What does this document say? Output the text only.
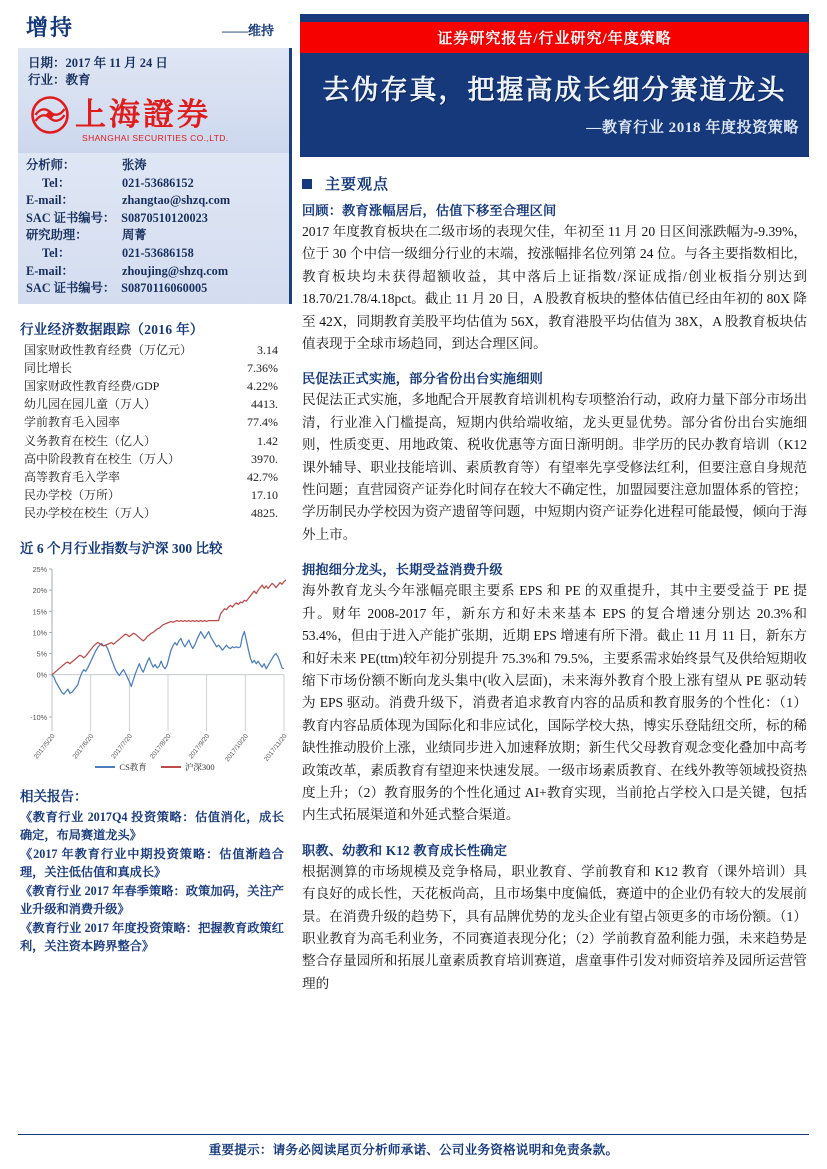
增持	——维持
日期：2017 年 11 月 24 日
行业：教育
上海證券
SHANGHAI SECURITIES CO.,LTD.
分析师：	张涛
Tel：	021-53686152
E-mail：	zhangtao@shzq.com
SAC 证书编号： S0870510120023
研究助理：	周菁
Tel：	021-53686158
E-mail：	zhoujing@shzq.com
SAC 证书编号： S0870116060005
行业经济数据跟踪（2016 年）
国家财政性教育经费（万亿元）	3.14
同比增长	7.36%
国家财政性教育经费/GDP	4.22%
幼儿园在园儿童（万人）	4413.
学前教育毛入园率	77.4%
义务教育在校生（亿人）	1.42
高中阶段教育在校生（万人）	3970.
高等教育毛入学率	42.7%
民办学校（万所）	17.10
民办学校在校生（万人）	4825.
近 6 个月行业指数与沪深 300 比较
25%
20%
15%
10%
5%
0%
-10%
2017/5/20 2017/6/20 2017/7/20 2017/8/20 2017/9/20 2017/10/20 2017/11/20
CS教育	沪深300
相关报告：
《教育行业 2017Q4 投资策略：估值消化，成长确定，布局赛道龙头》
《2017 年教育行业中期投资策略：估值渐趋合理，关注低估值和真成长》
《教育行业 2017 年春季策略：政策加码，关注产业升级和消费升级》
《教育行业 2017 年度投资策略：把握教育政策红利，关注资本跨界整合》
证券研究报告/行业研究/年度策略
去伪存真，把握高成长细分赛道龙头
—教育行业 2018 年度投资策略
主要观点
回顾：教育涨幅居后，估值下移至合理区间
2017 年度教育板块在二级市场的表现欠佳，年初至 11 月 20 日区间涨跌幅为-9.39%，位于 30 个中信一级细分行业的末端，按涨幅排名位列第 24 位。与各主要指数相比，教育板块均未获得超额收益，其中落后上证指数/深证成指/创业板指分别达到 18.70/21.78/4.18pct。截止 11 月 20 日，A 股教育板块的整体估值已经由年初的 80X 降至 42X，同期教育美股平均估值为 56X，教育港股平均估值为 38X，A 股教育板块估值表现于全球市场趋同，到达合理区间。
民促法正式实施，部分省份出台实施细则
民促法正式实施，多地配合开展教育培训机构专项整治行动，政府力量下部分市场出清，行业准入门槛提高，短期内供给端收缩，龙头更显优势。部分省份出台实施细则，性质变更、用地政策、税收优惠等方面日渐明朗。非学历的民办教育培训（K12 课外辅导、职业技能培训、素质教育等）有望率先享受修法红利，但要注意自身规范性问题；直营园资产证券化时间存在较大不确定性，加盟园要注意加盟体系的管控；学历制民办学校因为资产遗留等问题，中短期内资产证券化进程可能最慢，倾向于海外上市。
拥抱细分龙头，长期受益消费升级
海外教育龙头今年涨幅亮眼主要系 EPS 和 PE 的双重提升，其中主要受益于 PE 提升。财年 2008-2017 年，新东方和好未来基本 EPS 的复合增速分别达 20.3%和 53.4%，但由于进入产能扩张期，近期 EPS 增速有所下滑。截止 11 月 11 日，新东方和好未来 PE(ttm)较年初分别提升 75.3%和 79.5%，主要系需求始终景气及供给短期收缩下市场份额不断向龙头集中(收入层面)，未来海外教育个股上涨有望从 PE 驱动转为 EPS 驱动。消费升级下，消费者追求教育内容的品质和教育服务的个性化：（1）教育内容品质体现为国际化和非应试化，国际学校大热，博实乐登陆纽交所，标的稀缺性推动股价上涨，业绩同步进入加速释放期；新生代父母教育观念变化叠加中高考政策改革，素质教育有望迎来快速发展。一级市场素质教育、在线外教等领域投资热度上升；（2）教育服务的个性化通过 AI+教育实现，当前抢占学校入口是关键，包括内生式拓展渠道和外延式整合渠道。
职教、幼教和 K12 教育成长性确定
根据测算的市场规模及竞争格局，职业教育、学前教育和 K12 教育（课外培训）具有良好的成长性，天花板尚高，且市场集中度偏低，赛道中的企业仍有较大的发展前景。在消费升级的趋势下，具有品牌优势的龙头企业有望占领更多的市场份额。（1）职业教育为高毛利业务，不同赛道表现分化；（2）学前教育盈利能力强，未来趋势是整合存量园所和拓展儿童素质教育培训赛道，虐童事件引发对师资培养及园所运营管理的
重要提示：请务必阅读尾页分析师承诺、公司业务资格说明和免责条款。
